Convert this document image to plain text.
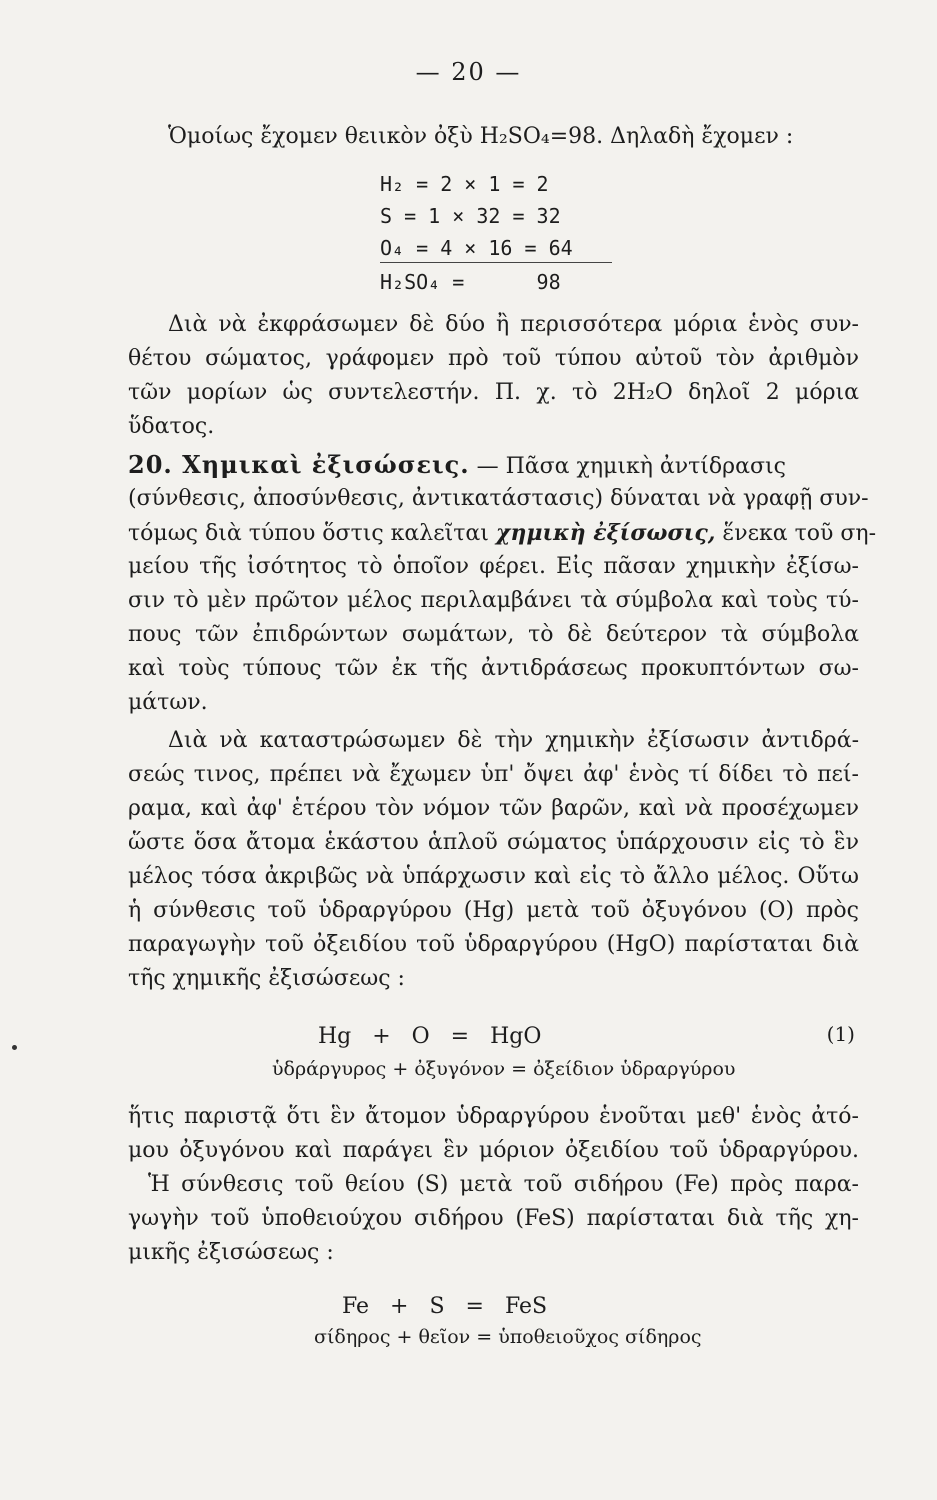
— 20 —
Ὁμοίως ἔχομεν θειικὸν ὀξὺ H₂SO₄=98. Δηλαδὴ ἔχομεν :
H₂ = 2 × 1 = 2
S = 1 × 32 = 32
O₄ = 4 × 16 = 64
H₂SO₄ =      98
Διὰ νὰ ἐκφράσωμεν δὲ δύο ἢ περισσότερα μόρια ἑνὸς συν-
θέτου σώματος, γράφομεν πρὸ τοῦ τύπου αὐτοῦ τὸν ἀριθμὸν
τῶν μορίων ὡς συντελεστήν. Π. χ. τὸ 2H₂O δηλοῖ 2 μόρια
ὕδατος.
20. Χημικαὶ ἐξισώσεις. — Πᾶσα χημικὴ ἀντίδρασις
(σύνθεσις, ἀποσύνθεσις, ἀντικατάστασις) δύναται νὰ γραφῇ συν-
τόμως διὰ τύπου ὅστις καλεῖται χημικὴ ἐξίσωσις, ἕνεκα τοῦ ση-
μείου τῆς ἰσότητος τὸ ὁποῖον φέρει. Εἰς πᾶσαν χημικὴν ἐξίσω-
σιν τὸ μὲν πρῶτον μέλος περιλαμβάνει τὰ σύμβολα καὶ τοὺς τύ-
πους τῶν ἐπιδρώντων σωμάτων, τὸ δὲ δεύτερον τὰ σύμβολα
καὶ τοὺς τύπους τῶν ἐκ τῆς ἀντιδράσεως προκυπτόντων σω-
μάτων.
Διὰ νὰ καταστρώσωμεν δὲ τὴν χημικὴν ἐξίσωσιν ἀντιδρά-
σεώς τινος, πρέπει νὰ ἔχωμεν ὑπ' ὄψει ἀφ' ἑνὸς τί δίδει τὸ πεί-
ραμα, καὶ ἀφ' ἑτέρου τὸν νόμον τῶν βαρῶν, καὶ νὰ προσέχωμεν
ὥστε ὅσα ἄτομα ἑκάστου ἁπλοῦ σώματος ὑπάρχουσιν εἰς τὸ ἓν
μέλος τόσα ἀκριβῶς νὰ ὑπάρχωσιν καὶ εἰς τὸ ἄλλο μέλος. Οὕτω
ἡ σύνθεσις τοῦ ὑδραργύρου (Hg) μετὰ τοῦ ὀξυγόνου (O) πρὸς
παραγωγὴν τοῦ ὀξειδίου τοῦ ὑδραργύρου (HgO) παρίσταται διὰ
τῆς χημικῆς ἐξισώσεως :
Hg   +   O   =   HgO	(1)
ὑδράργυρος + ὀξυγόνον = ὀξείδιον ὑδραργύρου
ἥτις παριστᾷ ὅτι ἓν ἄτομον ὑδραργύρου ἑνοῦται μεθ' ἑνὸς ἀτό-
μου ὀξυγόνου καὶ παράγει ἓν μόριον ὀξειδίου τοῦ ὑδραργύρου.
Ἡ σύνθεσις τοῦ θείου (S) μετὰ τοῦ σιδήρου (Fe) πρὸς παρα-
γωγὴν τοῦ ὑποθειούχου σιδήρου (FeS) παρίσταται διὰ τῆς χη-
μικῆς ἐξισώσεως :
Fe   +   S   =   FeS
σίδηρος + θεῖον = ὑποθειοῦχος σίδηρος
